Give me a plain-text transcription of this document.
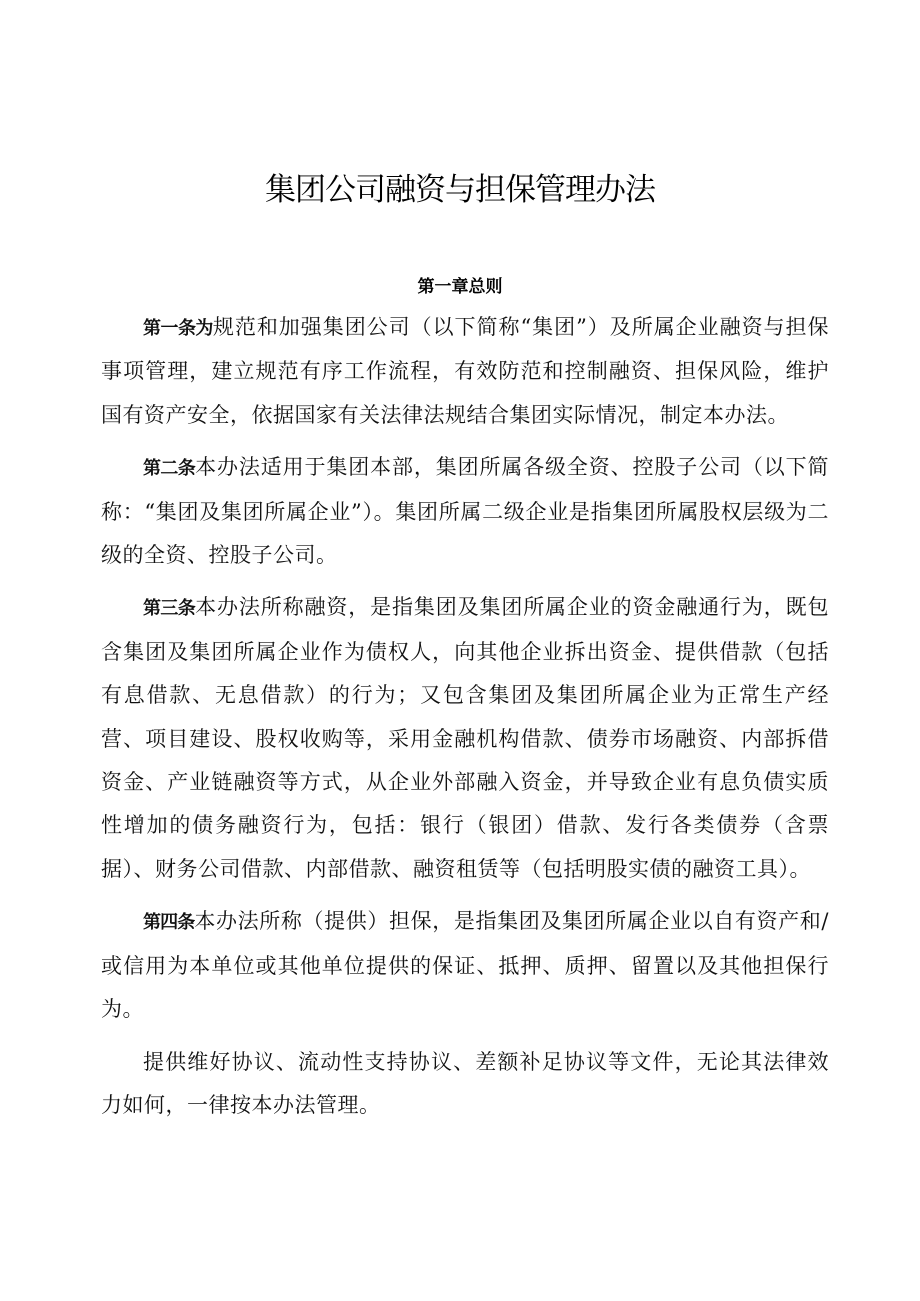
集团公司融资与担保管理办法
第一章总则

第一条为规范和加强集团公司（以下简称“集团”）及所属企业融资与担保事项管理，建立规范有序工作流程，有效防范和控制融资、担保风险，维护国有资产安全，依据国家有关法律法规结合集团实际情况，制定本办法。

第二条本办法适用于集团本部，集团所属各级全资、控股子公司（以下简称：“集团及集团所属企业”）。集团所属二级企业是指集团所属股权层级为二级的全资、控股子公司。

第三条本办法所称融资，是指集团及集团所属企业的资金融通行为，既包含集团及集团所属企业作为债权人，向其他企业拆出资金、提供借款（包括有息借款、无息借款）的行为；又包含集团及集团所属企业为正常生产经营、项目建设、股权收购等，采用金融机构借款、债券市场融资、内部拆借资金、产业链融资等方式，从企业外部融入资金，并导致企业有息负债实质性增加的债务融资行为，包括：银行（银团）借款、发行各类债券（含票据）、财务公司借款、内部借款、融资租赁等（包括明股实债的融资工具）。

第四条本办法所称（提供）担保，是指集团及集团所属企业以自有资产和/或信用为本单位或其他单位提供的保证、抵押、质押、留置以及其他担保行为。

提供维好协议、流动性支持协议、差额补足协议等文件，无论其法律效力如何，一律按本办法管理。
